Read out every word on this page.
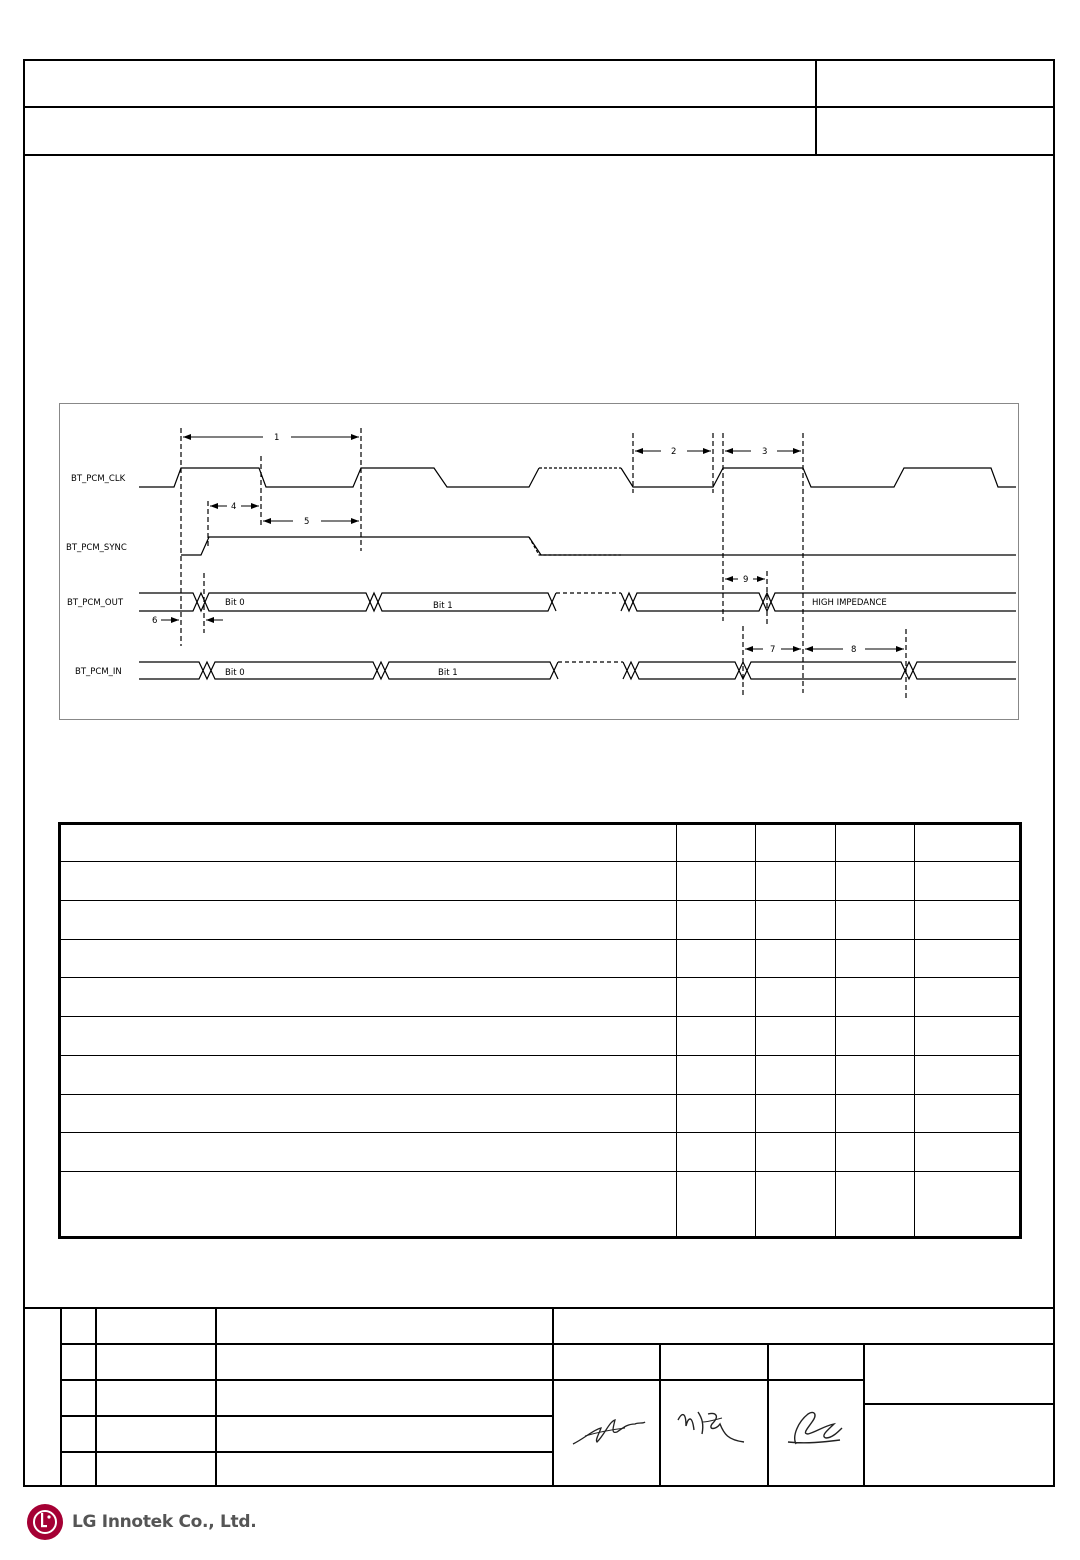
BT_PCM_CLK
BT_PCM_SYNC
BT_PCM_OUT
BT_PCM_IN
Bit 0	Bit 1
Bit 0	Bit 1
HIGH IMPEDANCE
1
2	3
4
5
6
7	8
9
LG Innotek Co., Ltd.
